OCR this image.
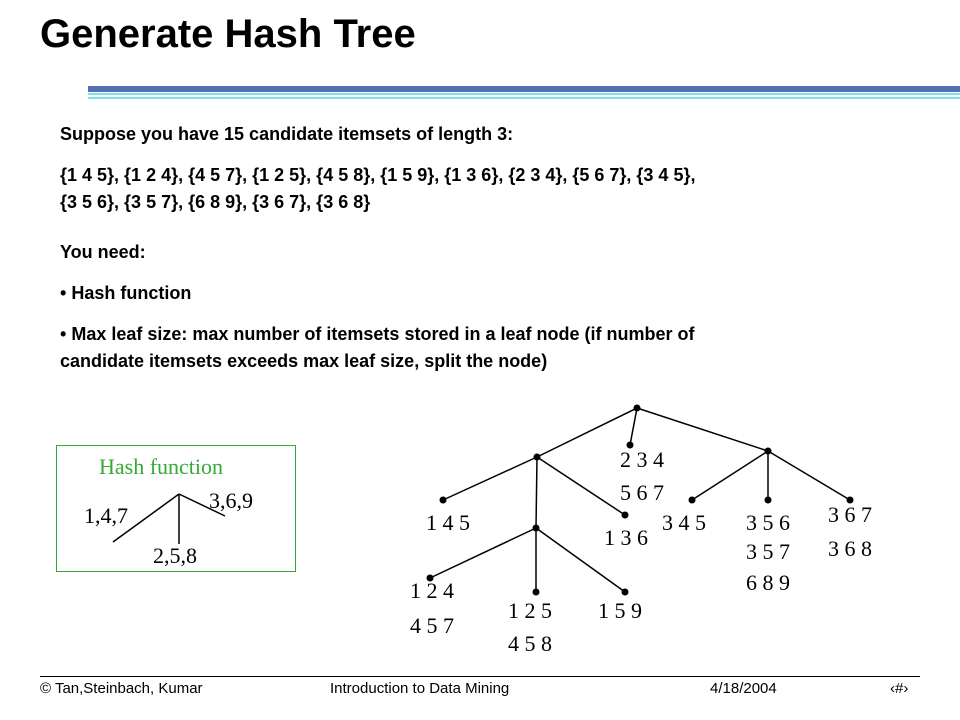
Generate Hash Tree
Suppose you have 15 candidate itemsets of length 3:
{1 4 5}, {1 2 4}, {4 5 7}, {1 2 5}, {4 5 8}, {1 5 9}, {1 3 6}, {2 3 4}, {5 6 7}, {3 4 5},
{3 5 6}, {3 5 7}, {6 8 9}, {3 6 7}, {3 6 8}
You need:
• Hash function
• Max leaf size: max number of itemsets stored in a leaf node (if number of
candidate itemsets exceeds max leaf size, split the node)
Hash function
1,4,7
2,5,8
3,6,9
2 3 4
5 6 7
1 4 5
1 3 6
3 4 5 3 5 6
3 5 7
6 8 9
3 6 7
3 6 8
1 2 4
4 5 7
1 2 5
4 5 8
1 5 9
© Tan,Steinbach, Kumar	Introduction to Data Mining	4/18/2004	‹#›
